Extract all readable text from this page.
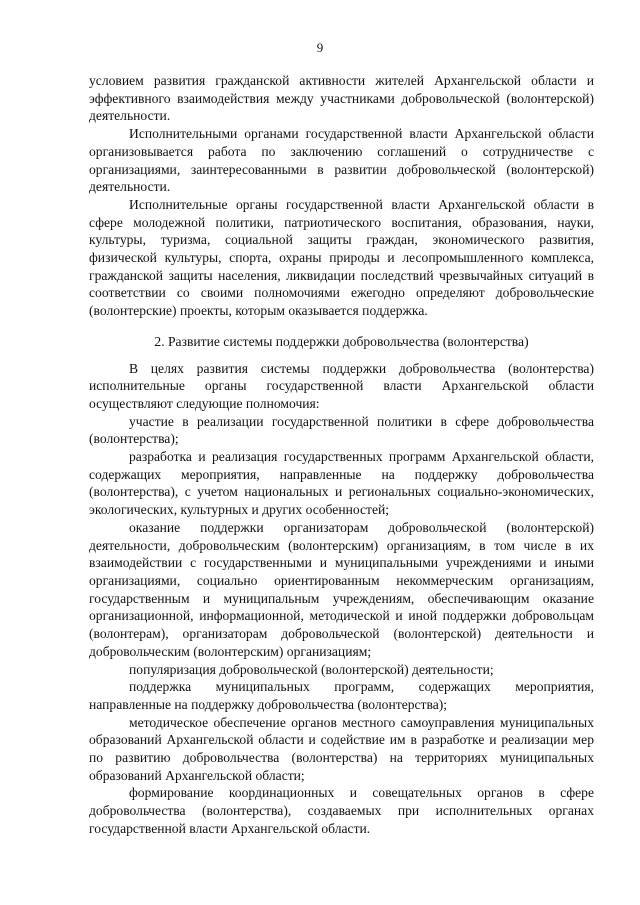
9

условием развития гражданской активности жителей Архангельской области и эффективного взаимодействия между участниками добровольческой (волонтерской) деятельности.

Исполнительными органами государственной власти Архангельской области организовывается работа по заключению соглашений о сотрудничестве с организациями, заинтересованными в развитии добровольческой (волонтерской) деятельности.

Исполнительные органы государственной власти Архангельской области в сфере молодежной политики, патриотического воспитания, образования, науки, культуры, туризма, социальной защиты граждан, экономического развития, физической культуры, спорта, охраны природы и лесопромышленного комплекса, гражданской защиты населения, ликвидации последствий чрезвычайных ситуаций в соответствии со своими полномочиями ежегодно определяют добровольческие (волонтерские) проекты, которым оказывается поддержка.

2. Развитие системы поддержки добровольчества (волонтерства)

В целях развития системы поддержки добровольчества (волонтерства) исполнительные органы государственной власти Архангельской области осуществляют следующие полномочия:

участие в реализации государственной политики в сфере добровольчества (волонтерства);

разработка и реализация государственных программ Архангельской области, содержащих мероприятия, направленные на поддержку добровольчества (волонтерства), с учетом национальных и региональных социально-экономических, экологических, культурных и других особенностей;

оказание поддержки организаторам добровольческой (волонтерской) деятельности, добровольческим (волонтерским) организациям, в том числе в их взаимодействии с государственными и муниципальными учреждениями и иными организациями, социально ориентированным некоммерческим организациям, государственным и муниципальным учреждениям, обеспечивающим оказание организационной, информационной, методической и иной поддержки добровольцам (волонтерам), организаторам добровольческой (волонтерской) деятельности и добровольческим (волонтерским) организациям;

популяризация добровольческой (волонтерской) деятельности;

поддержка муниципальных программ, содержащих мероприятия, направленные на поддержку добровольчества (волонтерства);

методическое обеспечение органов местного самоуправления муниципальных образований Архангельской области и содействие им в разработке и реализации мер по развитию добровольчества (волонтерства) на территориях муниципальных образований Архангельской области;

формирование координационных и совещательных органов в сфере добровольчества (волонтерства), создаваемых при исполнительных органах государственной власти Архангельской области.
